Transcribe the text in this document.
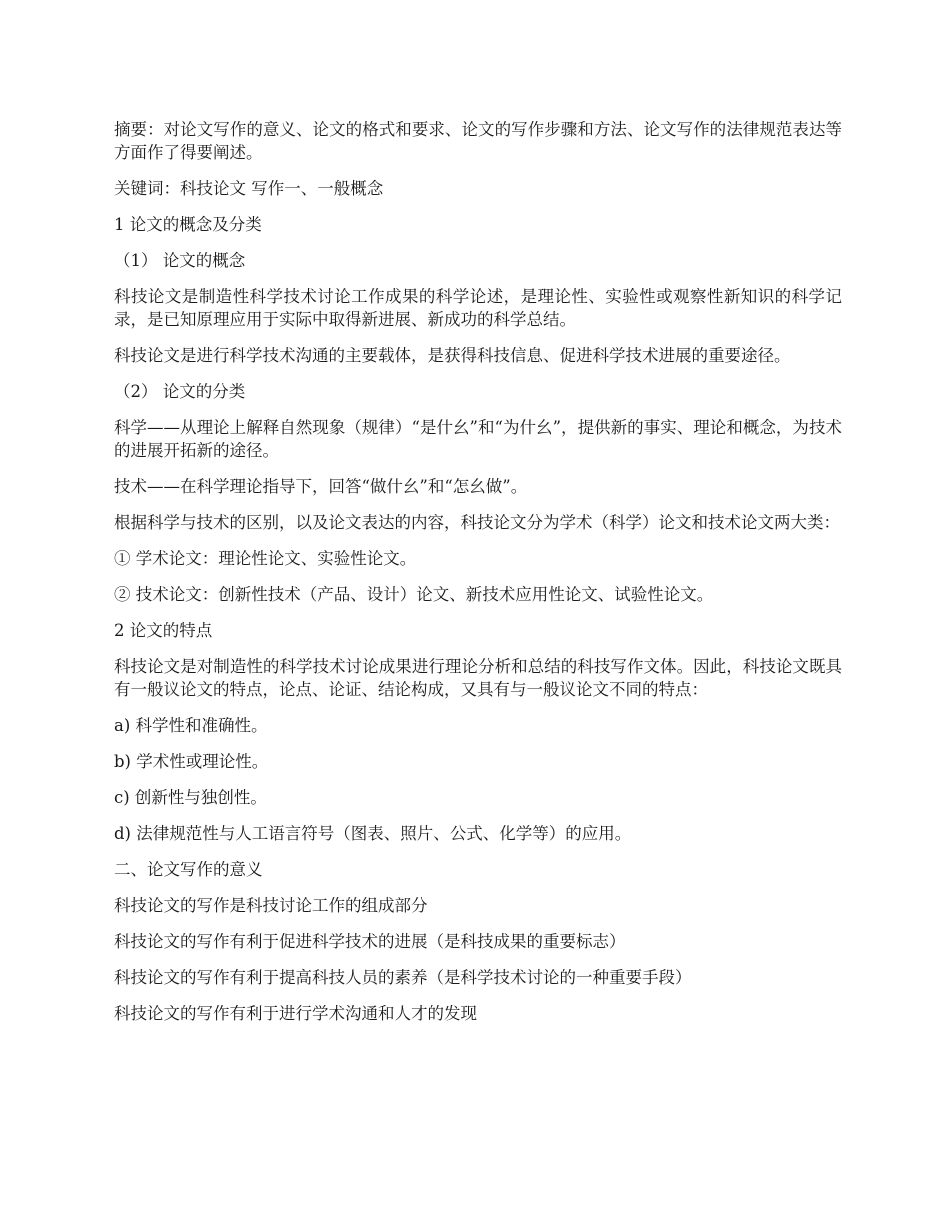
摘要：对论文写作的意义、论文的格式和要求、论文的写作步骤和方法、论文写作的法律规范表达等方面作了得要阐述。

关键词：科技论文 写作一、一般概念

1 论文的概念及分类

（1） 论文的概念

科技论文是制造性科学技术讨论工作成果的科学论述，是理论性、实验性或观察性新知识的科学记录，是已知原理应用于实际中取得新进展、新成功的科学总结。

科技论文是进行科学技术沟通的主要载体，是获得科技信息、促进科学技术进展的重要途径。

（2） 论文的分类

科学——从理论上解释自然现象（规律）“是什幺”和“为什幺”，提供新的事实、理论和概念，为技术的进展开拓新的途径。

技术——在科学理论指导下，回答“做什幺”和“怎幺做”。

根据科学与技术的区别，以及论文表达的内容，科技论文分为学术（科学）论文和技术论文两大类：

① 学术论文：理论性论文、实验性论文。

② 技术论文：创新性技术（产品、设计）论文、新技术应用性论文、试验性论文。

2 论文的特点

科技论文是对制造性的科学技术讨论成果进行理论分析和总结的科技写作文体。因此，科技论文既具有一般议论文的特点，论点、论证、结论构成，又具有与一般议论文不同的特点：

a) 科学性和准确性。

b) 学术性或理论性。

c) 创新性与独创性。

d) 法律规范性与人工语言符号（图表、照片、公式、化学等）的应用。

二、论文写作的意义

科技论文的写作是科技讨论工作的组成部分

科技论文的写作有利于促进科学技术的进展（是科技成果的重要标志）

科技论文的写作有利于提高科技人员的素养（是科学技术讨论的一种重要手段）

科技论文的写作有利于进行学术沟通和人才的发现
